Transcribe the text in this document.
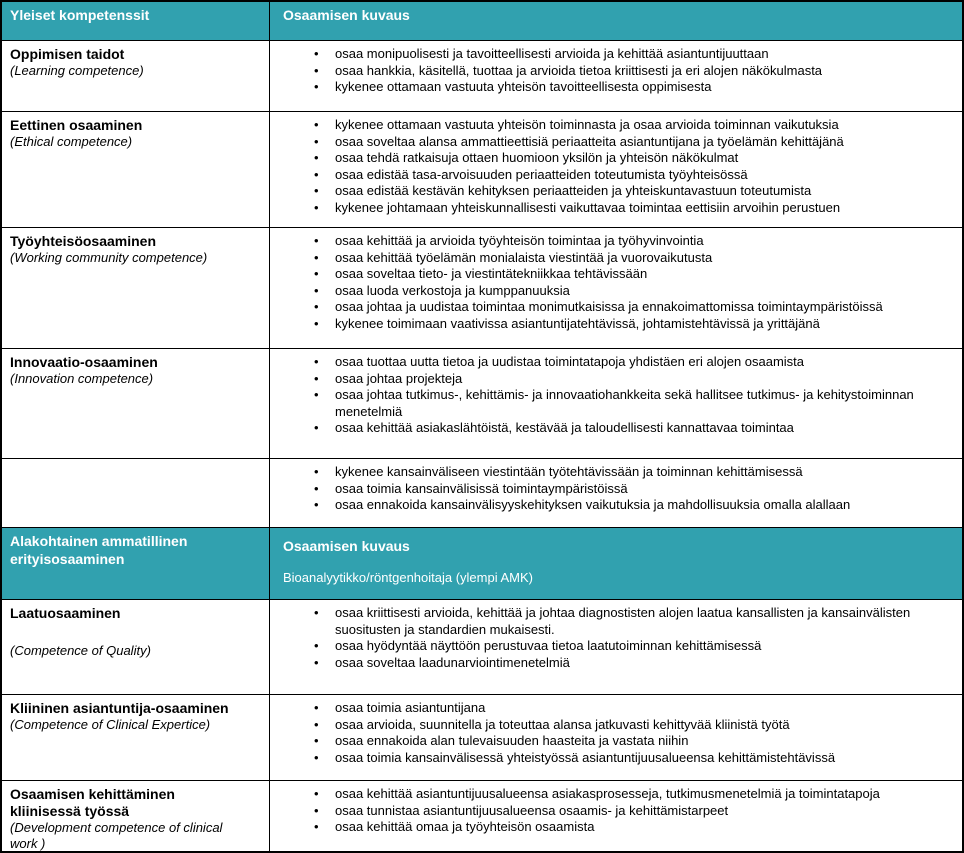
Yleiset kompetenssit	Osaamisen kuvaus
Oppimisen taidot
(Learning competence)
• osaa monipuolisesti ja tavoitteellisesti arvioida ja kehittää asiantuntijuuttaan
• osaa hankkia, käsitellä, tuottaa ja arvioida tietoa kriittisesti ja eri alojen näkökulmasta
• kykenee ottamaan vastuuta yhteisön tavoitteellisesta oppimisesta
Eettinen osaaminen
(Ethical competence)
• kykenee ottamaan vastuuta yhteisön toiminnasta ja osaa arvioida toiminnan vaikutuksia
• osaa soveltaa alansa ammattieettisiä periaatteita asiantuntijana ja työelämän kehittäjänä
• osaa tehdä ratkaisuja ottaen huomioon yksilön ja yhteisön näkökulmat
• osaa edistää tasa-arvoisuuden periaatteiden toteutumista työyhteisössä
• osaa edistää kestävän kehityksen periaatteiden ja yhteiskuntavastuun toteutumista
• kykenee johtamaan yhteiskunnallisesti vaikuttavaa toimintaa eettisiin arvoihin perustuen
Työyhteisöosaaminen
(Working community competence)
• osaa kehittää ja arvioida työyhteisön toimintaa ja työhyvinvointia
• osaa kehittää työelämän monialaista viestintää ja vuorovaikutusta
• osaa soveltaa tieto- ja viestintätekniikkaa tehtävissään
• osaa luoda verkostoja ja kumppanuuksia
• osaa johtaa ja uudistaa toimintaa monimutkaisissa ja ennakoimattomissa toimintaympäristöissä
• kykenee toimimaan vaativissa asiantuntijatehtävissä, johtamistehtävissä ja yrittäjänä
Innovaatio-osaaminen
(Innovation competence)
• osaa tuottaa uutta tietoa ja uudistaa toimintatapoja yhdistäen eri alojen osaamista
• osaa johtaa projekteja
• osaa johtaa tutkimus-, kehittämis- ja innovaatiohankkeita sekä hallitsee tutkimus- ja kehitystoiminnan menetelmiä
• osaa kehittää asiakaslähtöistä, kestävää ja taloudellisesti kannattavaa toimintaa
• kykenee kansainväliseen viestintään työtehtävissään ja toiminnan kehittämisessä
• osaa toimia kansainvälisissä toimintaympäristöissä
• osaa ennakoida kansainvälisyyskehityksen vaikutuksia ja mahdollisuuksia omalla alallaan
Alakohtainen ammatillinen erityisosaaminen
Osaamisen kuvaus
Bioanalyytikko/röntgenhoitaja (ylempi AMK)
Laatuosaaminen
(Competence of Quality)
• osaa kriittisesti arvioida, kehittää ja johtaa diagnostisten alojen laatua kansallisten ja kansainvälisten suositusten ja standardien mukaisesti.
• osaa hyödyntää näyttöön perustuvaa tietoa laatutoiminnan kehittämisessä
• osaa soveltaa laadunarviointimenetelmiä
Kliininen asiantuntija-osaaminen
(Competence of Clinical Expertice)
• osaa toimia asiantuntijana
• osaa arvioida, suunnitella ja toteuttaa alansa jatkuvasti kehittyvää kliinistä työtä
• osaa ennakoida alan tulevaisuuden haasteita ja vastata niihin
• osaa toimia kansainvälisessä yhteistyössä asiantuntijuusalueensa kehittämistehtävissä
Osaamisen kehittäminen kliinisessä työssä
(Development competence of clinical work )
• osaa kehittää asiantuntijuusalueensa asiakasprosesseja, tutkimusmenetelmiä ja toimintatapoja
• osaa tunnistaa asiantuntijuusalueensa osaamis- ja kehittämistarpeet
• osaa kehittää omaa ja työyhteisön osaamista
